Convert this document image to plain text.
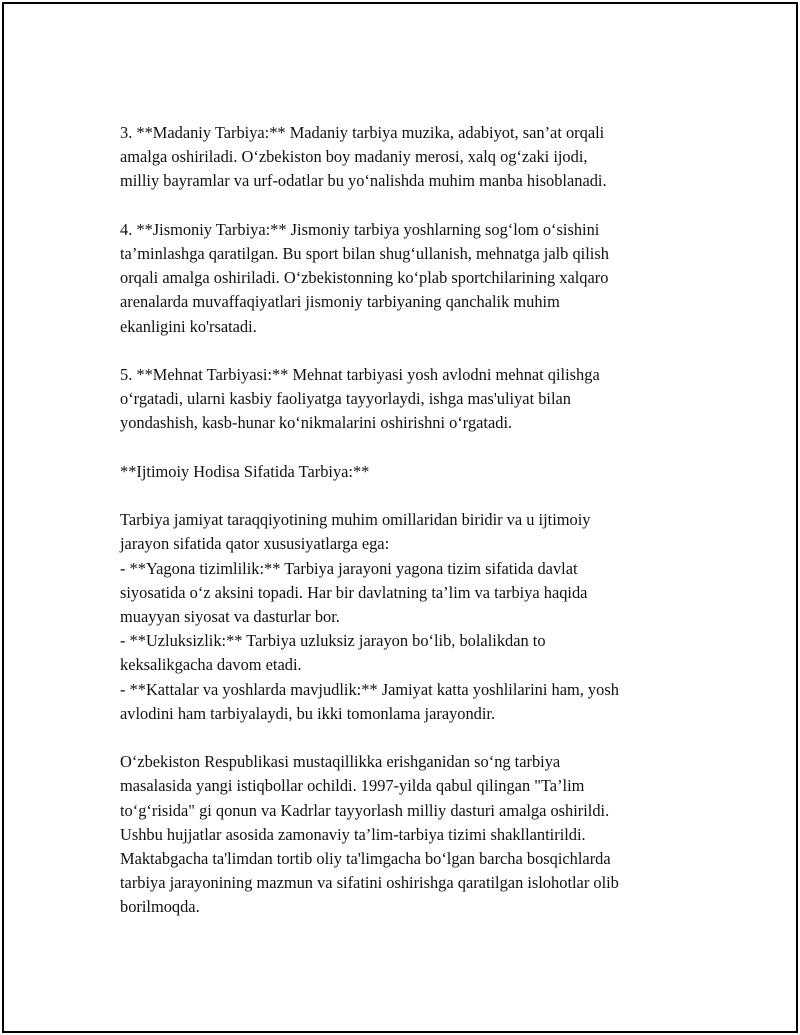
3. **Madaniy Tarbiya:** Madaniy tarbiya muzika, adabiyot, san’at orqali
amalga oshiriladi. O‘zbekiston boy madaniy merosi, xalq og‘zaki ijodi,
milliy bayramlar va urf-odatlar bu yo‘nalishda muhim manba hisoblanadi.

4. **Jismoniy Tarbiya:** Jismoniy tarbiya yoshlarning sog‘lom o‘sishini
ta’minlashga qaratilgan. Bu sport bilan shug‘ullanish, mehnatga jalb qilish
orqali amalga oshiriladi. O‘zbekistonning ko‘plab sportchilarining xalqaro
arenalarda muvaffaqiyatlari jismoniy tarbiyaning qanchalik muhim
ekanligini ko'rsatadi.

5. **Mehnat Tarbiyasi:** Mehnat tarbiyasi yosh avlodni mehnat qilishga
o‘rgatadi, ularni kasbiy faoliyatga tayyorlaydi, ishga mas'uliyat bilan
yondashish, kasb-hunar ko‘nikmalarini oshirishni o‘rgatadi.

**Ijtimoiy Hodisa Sifatida Tarbiya:**

Tarbiya jamiyat taraqqiyotining muhim omillaridan biridir va u ijtimoiy
jarayon sifatida qator xususiyatlarga ega:
- **Yagona tizimlilik:** Tarbiya jarayoni yagona tizim sifatida davlat
siyosatida o‘z aksini topadi. Har bir davlatning ta’lim va tarbiya haqida
muayyan siyosat va dasturlar bor.
- **Uzluksizlik:** Tarbiya uzluksiz jarayon bo‘lib, bolalikdan to
keksalikgacha davom etadi.
- **Kattalar va yoshlarda mavjudlik:** Jamiyat katta yoshlilarini ham, yosh
avlodini ham tarbiyalaydi, bu ikki tomonlama jarayondir.

O‘zbekiston Respublikasi mustaqillikka erishganidan so‘ng tarbiya
masalasida yangi istiqbollar ochildi. 1997-yilda qabul qilingan "Ta’lim
to‘g‘risida" gi qonun va Kadrlar tayyorlash milliy dasturi amalga oshirildi.
Ushbu hujjatlar asosida zamonaviy ta’lim-tarbiya tizimi shakllantirildi.
Maktabgacha ta'limdan tortib oliy ta'limgacha bo‘lgan barcha bosqichlarda
tarbiya jarayonining mazmun va sifatini oshirishga qaratilgan islohotlar olib
borilmoqda.
